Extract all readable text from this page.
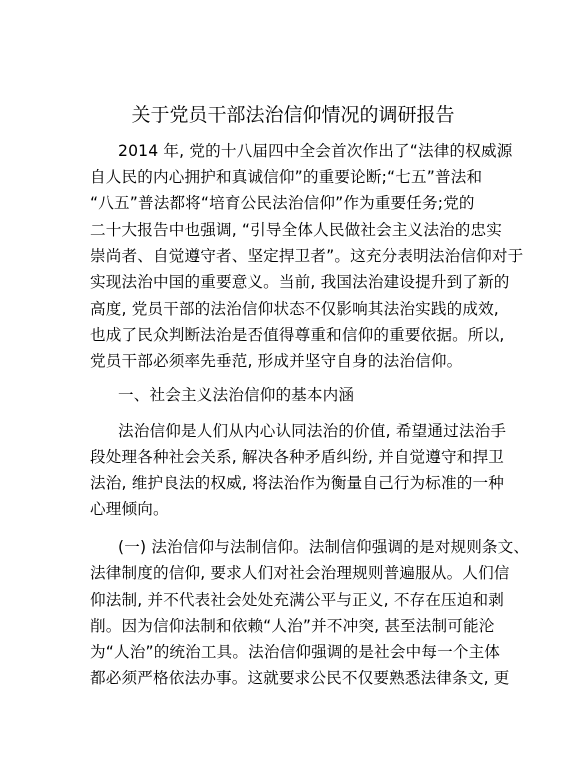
关于党员干部法治信仰情况的调研报告
2014 年, 党的十八届四中全会首次作出了“法律的权威源
自人民的内心拥护和真诚信仰”的重要论断;“七五”普法和
“八五”普法都将“培育公民法治信仰”作为重要任务;党的
二十大报告中也强调, “引导全体人民做社会主义法治的忠实
崇尚者、自觉遵守者、坚定捍卫者”。这充分表明法治信仰对于
实现法治中国的重要意义。当前, 我国法治建设提升到了新的
高度, 党员干部的法治信仰状态不仅影响其法治实践的成效,
也成了民众判断法治是否值得尊重和信仰的重要依据。所以,
党员干部必须率先垂范, 形成并坚守自身的法治信仰。
一、社会主义法治信仰的基本内涵
法治信仰是人们从内心认同法治的价值, 希望通过法治手
段处理各种社会关系, 解决各种矛盾纠纷, 并自觉遵守和捍卫
法治, 维护良法的权威, 将法治作为衡量自己行为标准的一种
心理倾向。
(一) 法治信仰与法制信仰。法制信仰强调的是对规则条文、
法律制度的信仰, 要求人们对社会治理规则普遍服从。人们信
仰法制, 并不代表社会处处充满公平与正义, 不存在压迫和剥
削。因为信仰法制和依赖“人治”并不冲突, 甚至法制可能沦
为“人治”的统治工具。法治信仰强调的是社会中每一个主体
都必须严格依法办事。这就要求公民不仅要熟悉法律条文, 更
